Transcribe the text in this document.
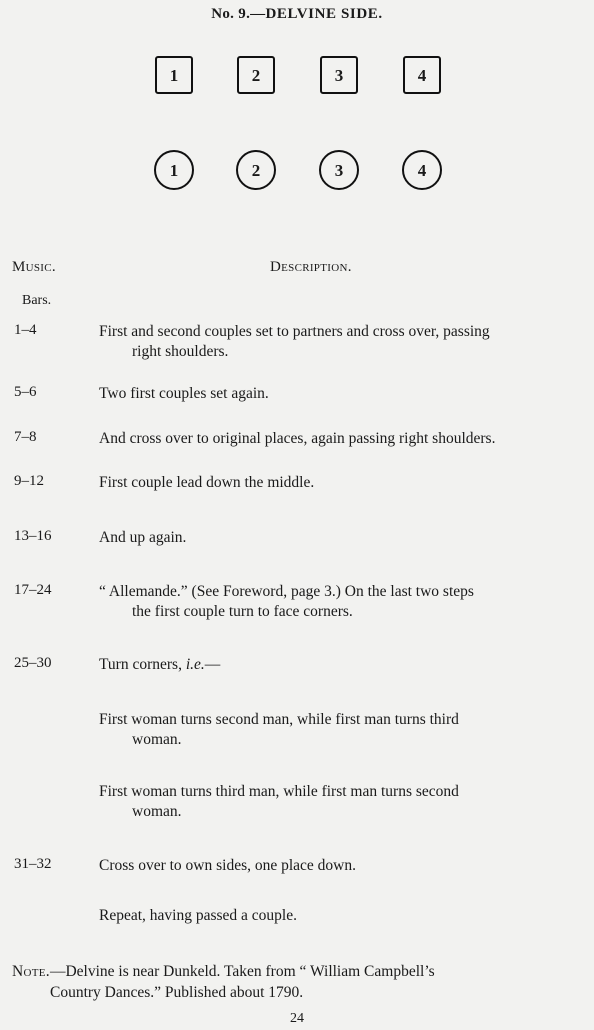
No. 9.—DELVINE SIDE.
1	2	3	4
1	2	3	4
Music.	Description.
Bars.
1–4	First and second couples set to partners and cross over, passing
right shoulders.
5–6	Two first couples set again.
7–8	And cross over to original places, again passing right shoulders.
9–12	First couple lead down the middle.
13–16	And up again.
17–24	“ Allemande.” (See Foreword, page 3.) On the last two steps
the first couple turn to face corners.
25–30	Turn corners, i.e.—
First woman turns second man, while first man turns third
woman.
First woman turns third man, while first man turns second
woman.
31–32	Cross over to own sides, one place down.
Repeat, having passed a couple.
Note.—Delvine is near Dunkeld. Taken from “ William Campbell’s
Country Dances.” Published about 1790.
24
